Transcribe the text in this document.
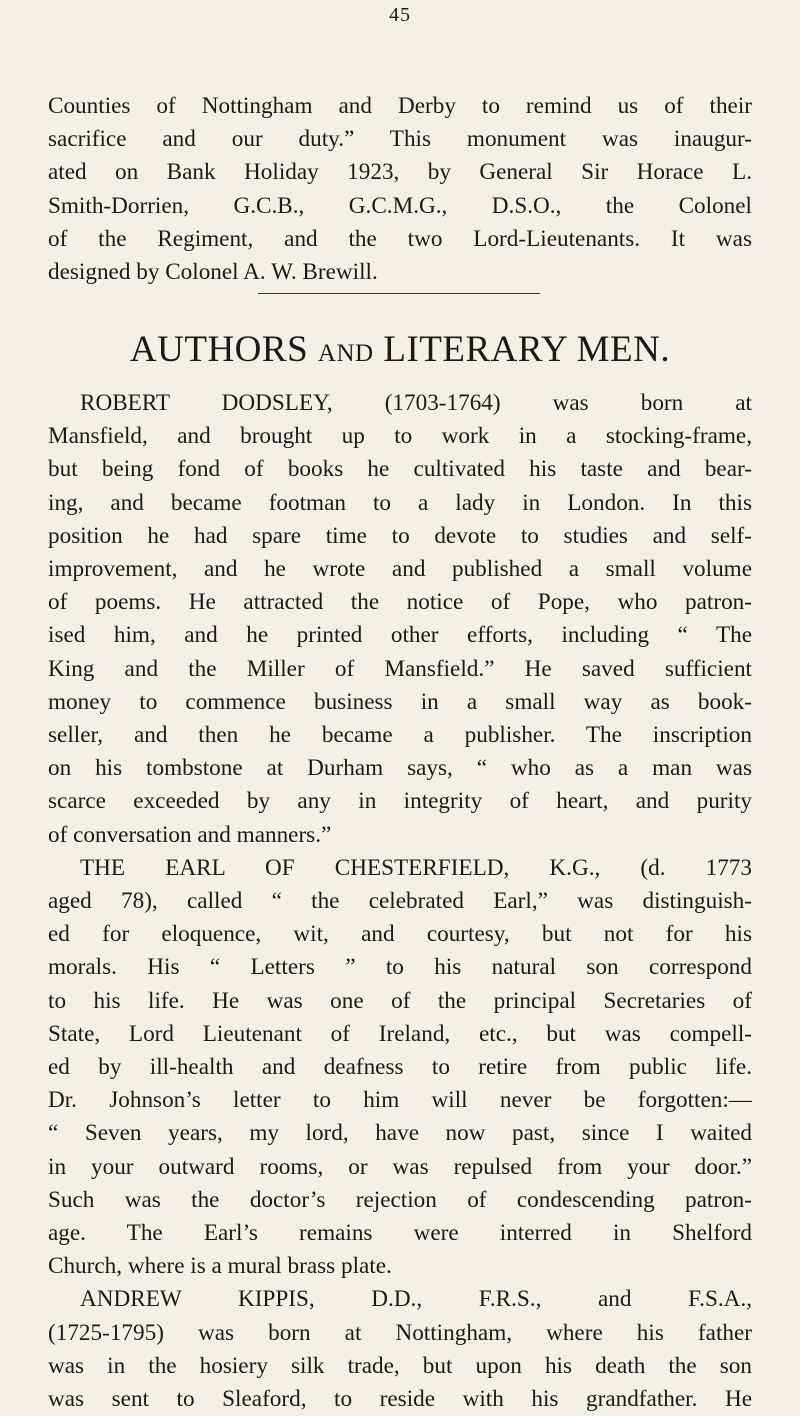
45
Counties of Nottingham and Derby to remind us of their
sacrifice and our duty.” This monument was inaugur-
ated on Bank Holiday 1923, by General Sir Horace L.
Smith-Dorrien, G.C.B., G.C.M.G., D.S.O., the Colonel
of the Regiment, and the two Lord-Lieutenants. It was
designed by Colonel A. W. Brewill.
AUTHORS AND LITERARY MEN.
ROBERT DODSLEY, (1703-1764) was born at
Mansfield, and brought up to work in a stocking-frame,
but being fond of books he cultivated his taste and bear-
ing, and became footman to a lady in London. In this
position he had spare time to devote to studies and self-
improvement, and he wrote and published a small volume
of poems. He attracted the notice of Pope, who patron-
ised him, and he printed other efforts, including “ The
King and the Miller of Mansfield.” He saved sufficient
money to commence business in a small way as book-
seller, and then he became a publisher. The inscription
on his tombstone at Durham says, “ who as a man was
scarce exceeded by any in integrity of heart, and purity
of conversation and manners.”
THE EARL OF CHESTERFIELD, K.G., (d. 1773
aged 78), called “ the celebrated Earl,” was distinguish-
ed for eloquence, wit, and courtesy, but not for his
morals. His “ Letters ” to his natural son correspond
to his life. He was one of the principal Secretaries of
State, Lord Lieutenant of Ireland, etc., but was compell-
ed by ill-health and deafness to retire from public life.
Dr. Johnson’s letter to him will never be forgotten:—
“ Seven years, my lord, have now past, since I waited
in your outward rooms, or was repulsed from your door.”
Such was the doctor’s rejection of condescending patron-
age. The Earl’s remains were interred in Shelford
Church, where is a mural brass plate.
ANDREW KIPPIS, D.D., F.R.S., and F.S.A.,
(1725-1795) was born at Nottingham, where his father
was in the hosiery silk trade, but upon his death the son
was sent to Sleaford, to reside with his grandfather. He
